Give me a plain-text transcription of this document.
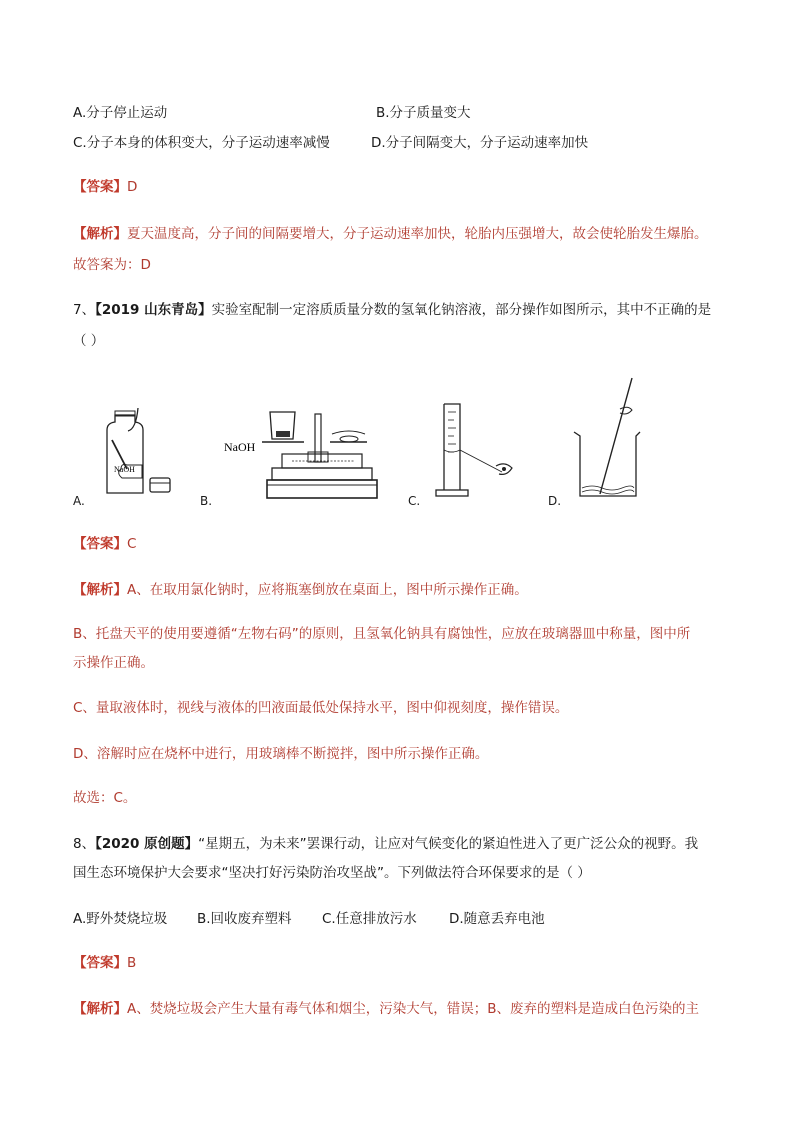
A.分子停止运动	B.分子质量变大
C.分子本身的体积变大，分子运动速率减慢	D.分子间隔变大，分子运动速率加快
【答案】D
【解析】夏天温度高，分子间的间隔要增大，分子运动速率加快，轮胎内压强增大，故会使轮胎发生爆胎。
故答案为：D
7、【2019 山东青岛】实验室配制一定溶质质量分数的氢氧化钠溶液，部分操作如图所示，其中不正确的是
（ ）
NaOH
A.
NaOH
B.	C.	D.
【答案】C
【解析】A、在取用氯化钠时，应将瓶塞倒放在桌面上，图中所示操作正确。
B、托盘天平的使用要遵循“左物右码”的原则，且氢氧化钠具有腐蚀性，应放在玻璃器皿中称量，图中所
示操作正确。
C、量取液体时，视线与液体的凹液面最低处保持水平，图中仰视刻度，操作错误。
D、溶解时应在烧杯中进行，用玻璃棒不断搅拌，图中所示操作正确。
故选：C。
8、【2020 原创题】“星期五，为未来”罢课行动，让应对气候变化的紧迫性进入了更广泛公众的视野。我
国生态环境保护大会要求“坚决打好污染防治攻坚战”。下列做法符合环保要求的是（ ）
A.野外焚烧垃圾 B.回收废弃塑料 C.任意排放污水 D.随意丢弃电池
【答案】B
【解析】A、焚烧垃圾会产生大量有毒气体和烟尘，污染大气，错误；B、废弃的塑料是造成白色污染的主
